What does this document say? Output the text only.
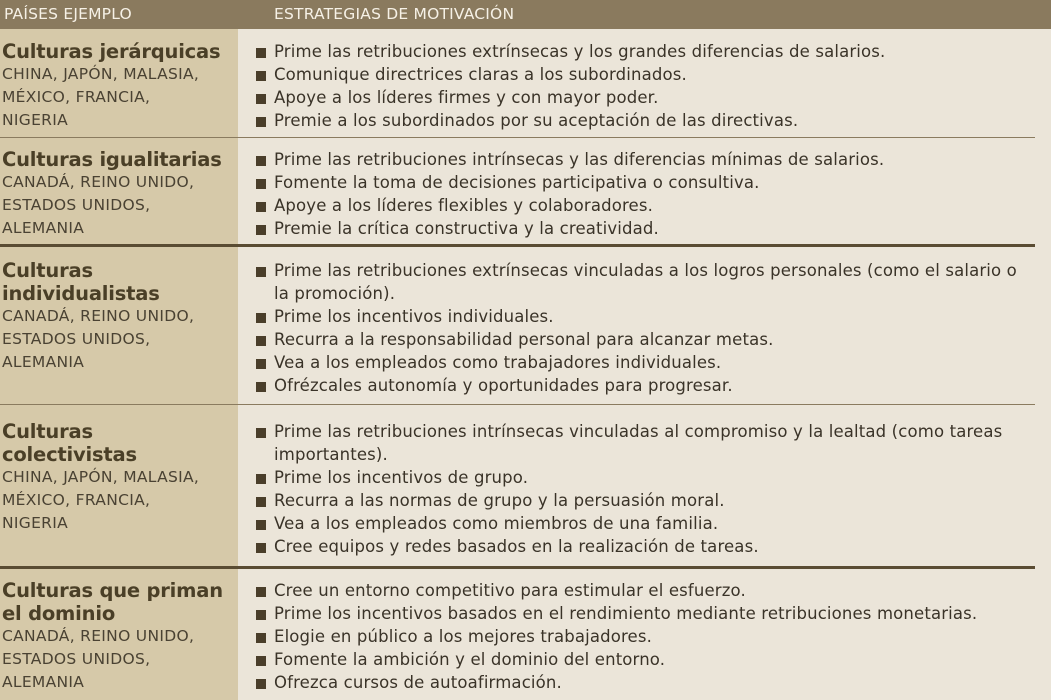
PAÍSES EJEMPLO	ESTRATEGIAS DE MOTIVACIÓN
Culturas jerárquicas
CHINA, JAPÓN, MALASIA,
MÉXICO, FRANCIA,
NIGERIA
Prime las retribuciones extrínsecas y los grandes diferencias de salarios.
Comunique directrices claras a los subordinados.
Apoye a los líderes firmes y con mayor poder.
Premie a los subordinados por su aceptación de las directivas.
Culturas igualitarias
CANADÁ, REINO UNIDO,
ESTADOS UNIDOS,
ALEMANIA
Prime las retribuciones intrínsecas y las diferencias mínimas de salarios.
Fomente la toma de decisiones participativa o consultiva.
Apoye a los líderes flexibles y colaboradores.
Premie la crítica constructiva y la creatividad.
Culturas
individualistas
CANADÁ, REINO UNIDO,
ESTADOS UNIDOS,
ALEMANIA
Prime las retribuciones extrínsecas vinculadas a los logros personales (como el salario o la promoción).
Prime los incentivos individuales.
Recurra a la responsabilidad personal para alcanzar metas.
Vea a los empleados como trabajadores individuales.
Ofrézcales autonomía y oportunidades para progresar.
Culturas colectivistas
CHINA, JAPÓN, MALASIA,
MÉXICO, FRANCIA,
NIGERIA
Prime las retribuciones intrínsecas vinculadas al compromiso y la lealtad (como tareas importantes).
Prime los incentivos de grupo.
Recurra a las normas de grupo y la persuasión moral.
Vea a los empleados como miembros de una familia.
Cree equipos y redes basados en la realización de tareas.
Culturas que priman
el dominio
CANADÁ, REINO UNIDO,
ESTADOS UNIDOS,
ALEMANIA
Cree un entorno competitivo para estimular el esfuerzo.
Prime los incentivos basados en el rendimiento mediante retribuciones monetarias.
Elogie en público a los mejores trabajadores.
Fomente la ambición y el dominio del entorno.
Ofrezca cursos de autoafirmación.
